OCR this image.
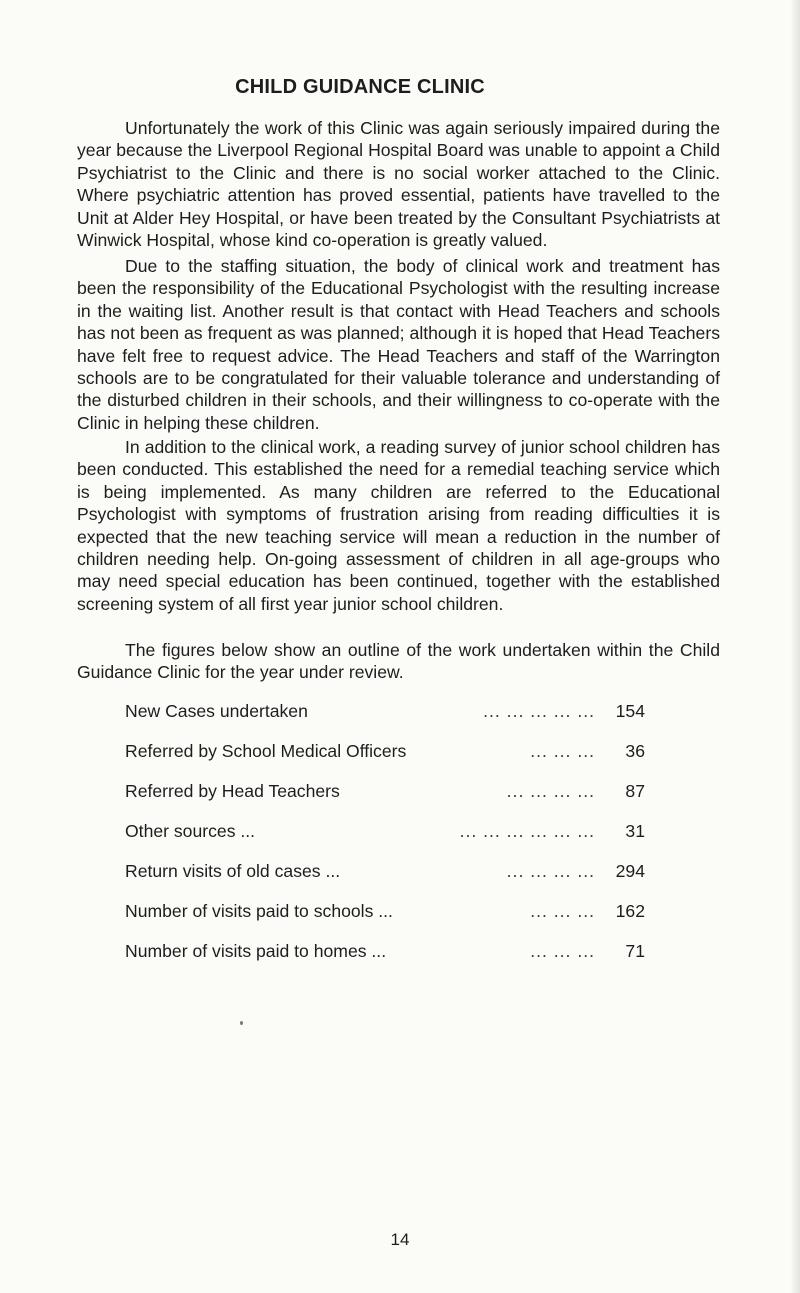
CHILD GUIDANCE CLINIC

Unfortunately the work of this Clinic was again seriously impaired during the year because the Liverpool Regional Hospital Board was unable to appoint a Child Psychiatrist to the Clinic and there is no social worker attached to the Clinic. Where psychiatric attention has proved essential, patients have travelled to the Unit at Alder Hey Hospital, or have been treated by the Consultant Psychiatrists at Winwick Hospital, whose kind co-operation is greatly valued.

Due to the staffing situation, the body of clinical work and treatment has been the responsibility of the Educational Psychologist with the resulting increase in the waiting list. Another result is that contact with Head Teachers and schools has not been as frequent as was planned; although it is hoped that Head Teachers have felt free to request advice. The Head Teachers and staff of the Warrington schools are to be congratulated for their valuable tolerance and understanding of the disturbed children in their schools, and their willingness to co-operate with the Clinic in helping these children.

In addition to the clinical work, a reading survey of junior school children has been conducted. This established the need for a remedial teaching service which is being implemented. As many children are referred to the Educational Psychologist with symptoms of frustration arising from reading difficulties it is expected that the new teaching service will mean a reduction in the number of children needing help. On-going assessment of children in all age-groups who may need special education has been continued, together with the established screening system of all first year junior school children.

The figures below show an outline of the work undertaken within the Child Guidance Clinic for the year under review.

New Cases undertaken	... ... ... ... ...	154
Referred by School Medical Officers	... ... ...	36
Referred by Head Teachers	... ... ... ...	87
Other sources ...	... ... ... ... ... ...	31
Return visits of old cases ...	... ... ... ...	294
Number of visits paid to schools ...	... ... ...	162
Number of visits paid to homes ...	... ... ...	71
14
